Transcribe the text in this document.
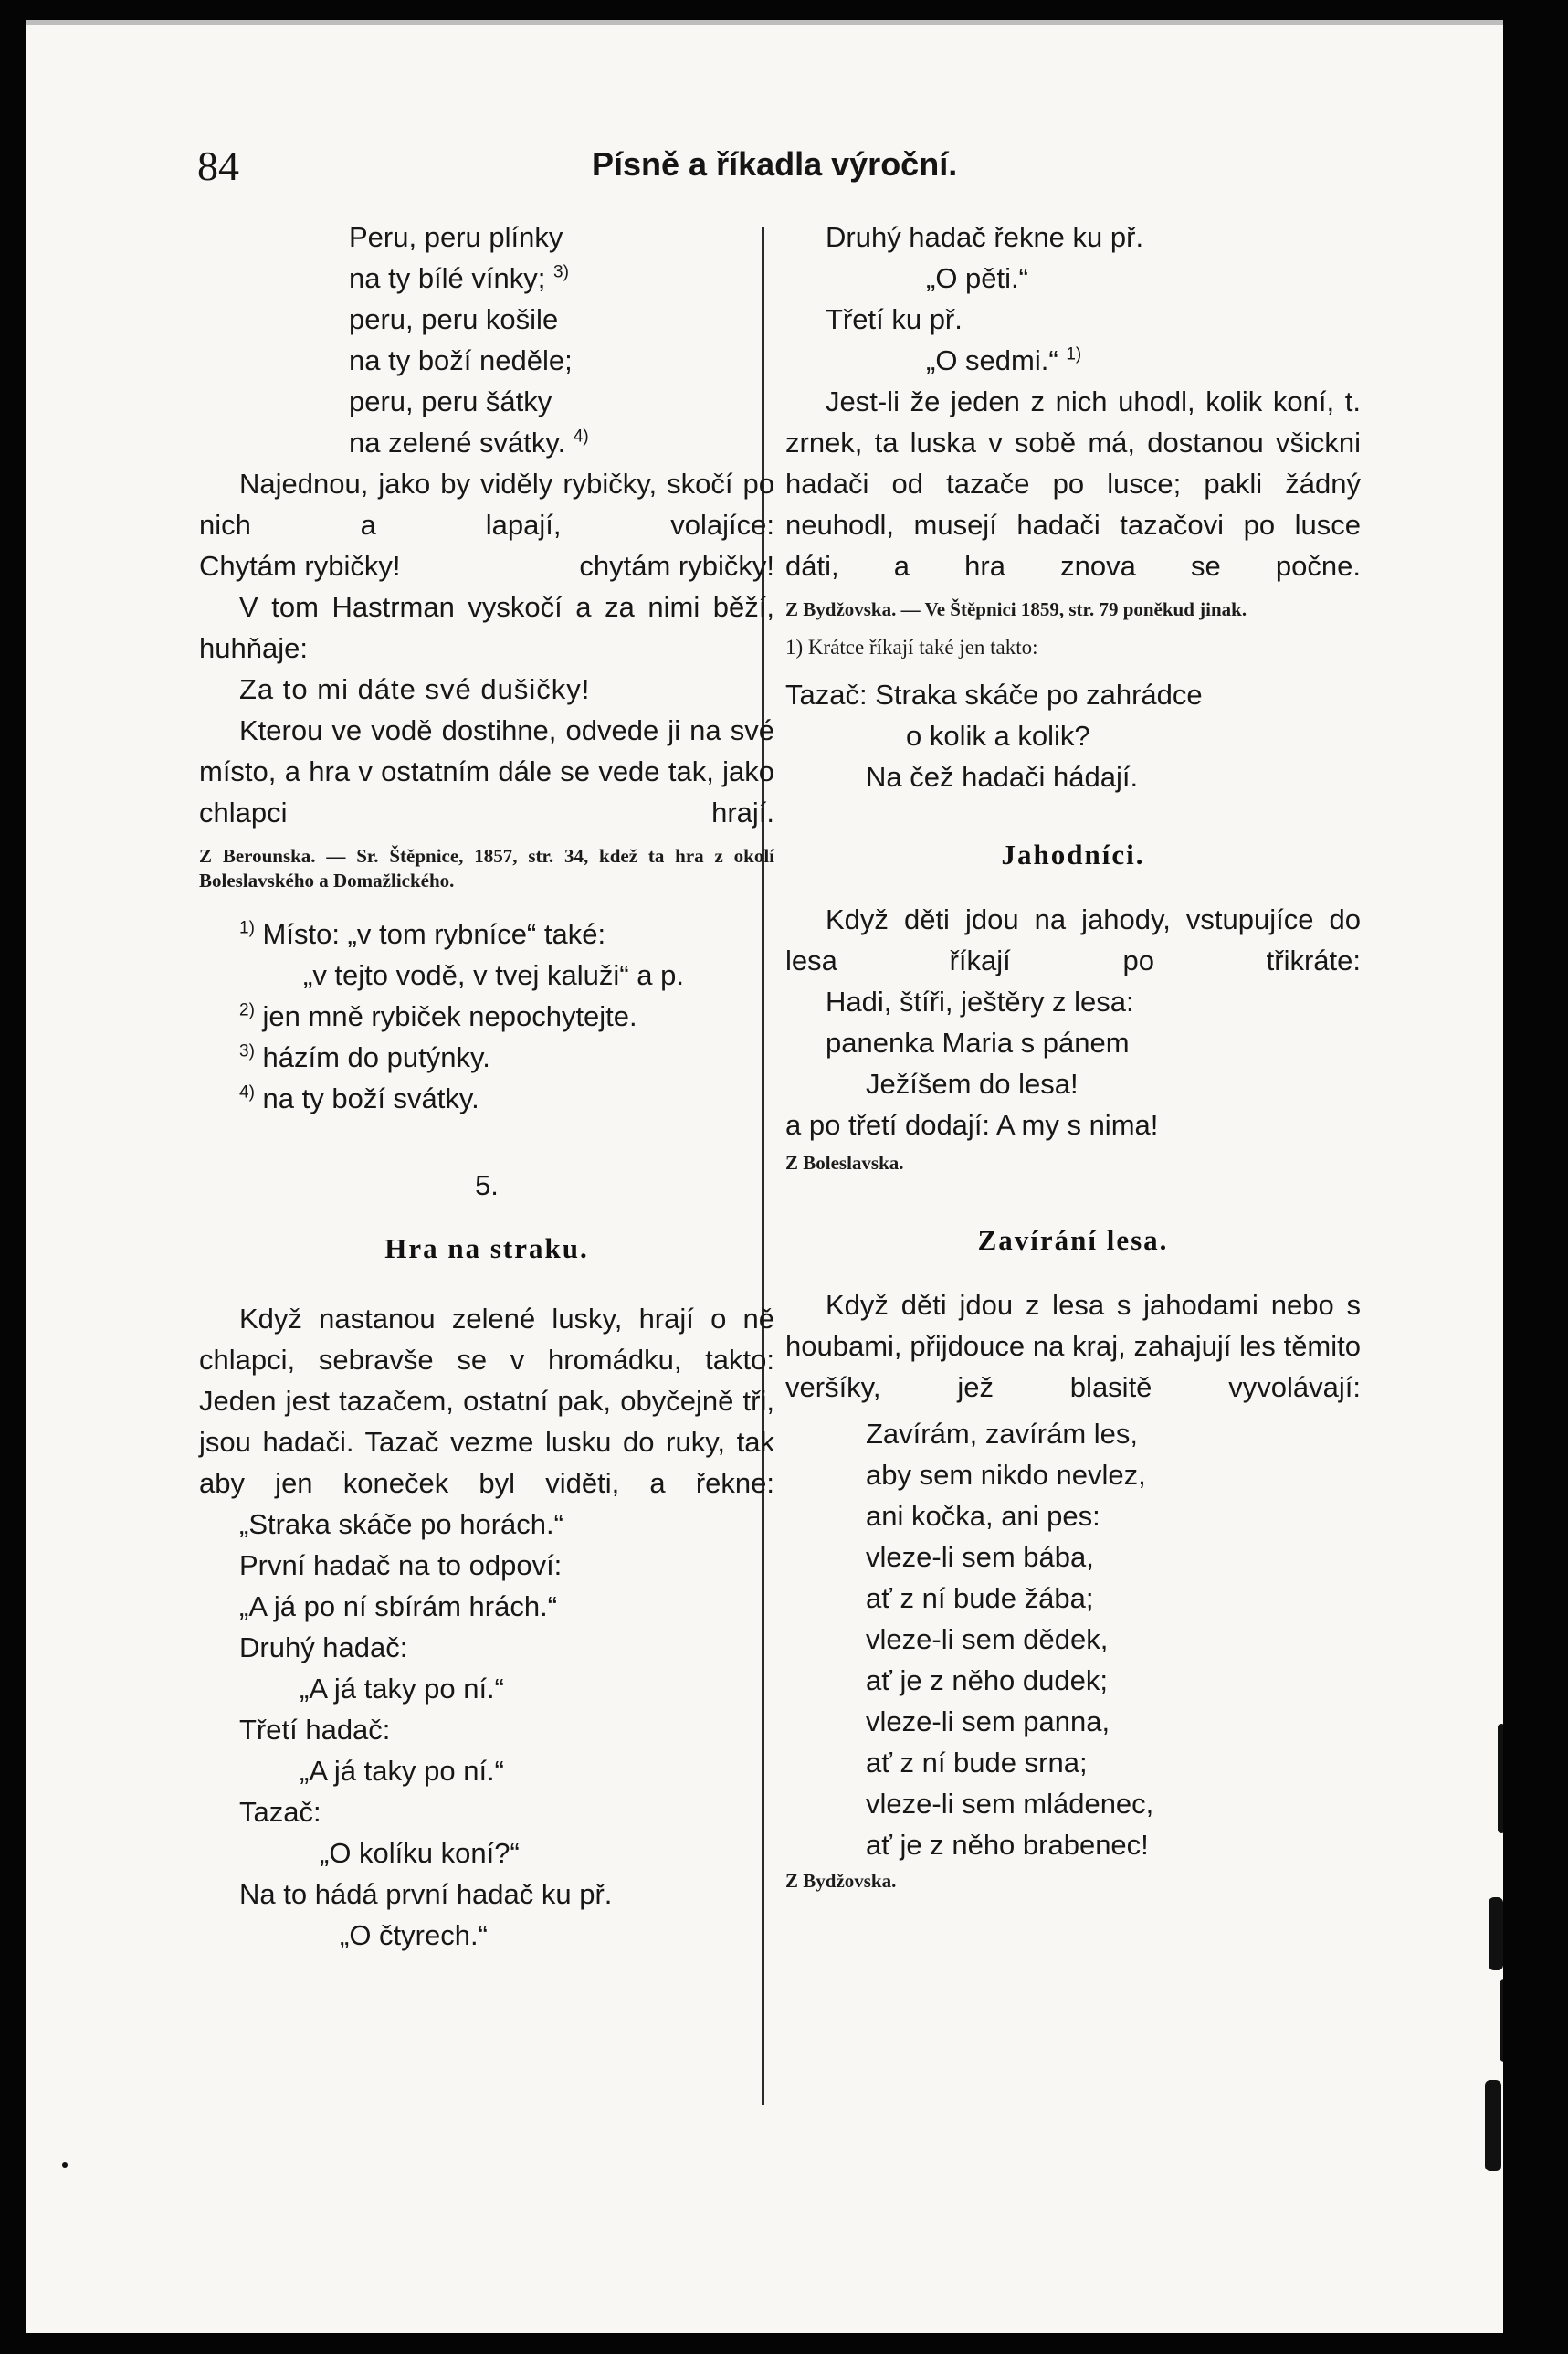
84	Písně a říkadla výroční.
Peru, peru plínky
na ty bílé vínky; $^{3)}$
peru, peru košile
na ty boží neděle;
peru, peru šátky
na zelené svátky. $^{4)}$
Najednou, jako by viděly rybičky, skočí po nich a lapají, volajíce:
Chytám rybičky!	chytám rybičky!
V tom Hastrman vyskočí a za nimi běží, huhňaje:
Za to mi dáte své dušičky!
Kterou ve vodě dostihne, odvede ji na své místo, a hra v ostatním dále se vede tak, jako chlapci hrají.
Z Berounska. — Sr. Štěpnice, 1857, str. 34, kdež ta hra z okolí Boleslavského a Domažlického.
$^{1)}$ Místo: „v tom rybníce“ také:
„v tejto vodě, v tvej kaluži“ a p.
$^{2)}$ jen mně rybiček nepochytejte.
$^{3)}$ házím do putýnky.
$^{4)}$ na ty boží svátky.
5.
Hra na straku.
Když nastanou zelené lusky, hrají o ně chlapci, sebravše se v hromádku, takto: Jeden jest tazačem, ostatní pak, obyčejně tři, jsou hadači. Tazač vezme lusku do ruky, tak aby jen koneček byl viděti, a řekne:
„Straka skáče po horách.“
První hadač na to odpoví:
„A já po ní sbírám hrách.“
Druhý hadač:
„A já taky po ní.“
Třetí hadač:
„A já taky po ní.“
Tazač:
„O kolíku koní?“
Na to hádá první hadač ku př.
„O čtyrech.“
Druhý hadač řekne ku př.
„O pěti.“
Třetí ku př.
„O sedmi.“ $^{1)}$
Jest-li že jeden z nich uhodl, kolik koní, t. zrnek, ta luska v sobě má, dostanou všickni hadači od tazače po lusce; pakli žádný neuhodl, musejí hadači tazačovi po lusce dáti, a hra znova se počne.
Z Bydžovska. — Ve Štěpnici 1859, str. 79 poněkud jinak.
1) Krátce říkají také jen takto:
Tazač: Straka skáče po zahrádce
o kolik a kolik?
Na čež hadači hádají.
Jahodníci.
Když děti jdou na jahody, vstupujíce do lesa říkají po třikráte:
Hadi, štíři, ještěry z lesa:
panenka Maria s pánem
Ježíšem do lesa!
a po třetí dodají: A my s nima!
Z Boleslavska.
Zavírání lesa.
Když děti jdou z lesa s jahodami nebo s houbami, přijdouce na kraj, zahajují les těmito veršíky, jež blasitě vyvolávají:
Zavírám, zavírám les,
aby sem nikdo nevlez,
ani kočka, ani pes:
vleze-li sem bába,
ať z ní bude žába;
vleze-li sem dědek,
ať je z něho dudek;
vleze-li sem panna,
ať z ní bude srna;
vleze-li sem mládenec,
ať je z něho brabenec!
Z Bydžovska.
